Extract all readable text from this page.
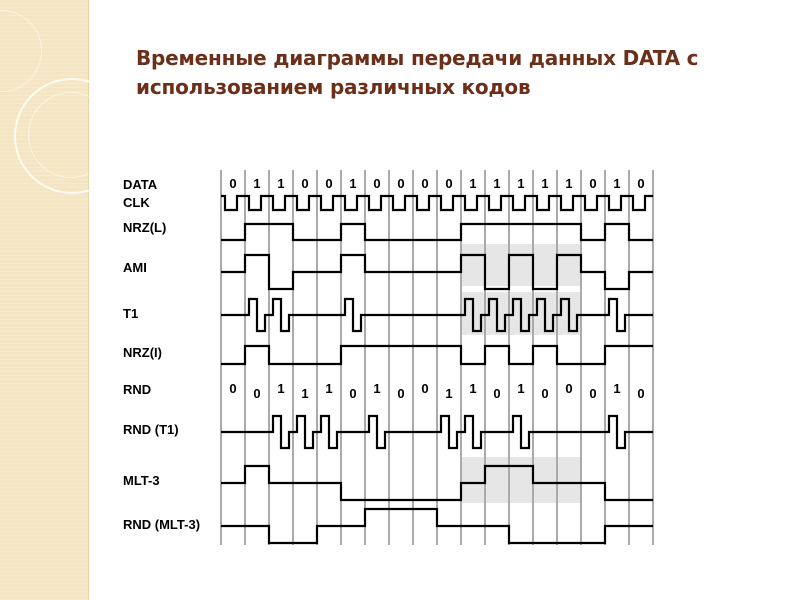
Временные диаграммы передачи данных DATA с
использованием различных кодов
DATA	0 1 1 0 0 1 0 0 0 0 1 1 1 1 1 0 1 0
CLK
NRZ(L)
AMI
T1
NRZ(I)
RND (T1)
MLT-3
RND (MLT-3)
RND	0 0 1 1 1 0 1 0 0 1 1 0 1 0 0 0 1 0
